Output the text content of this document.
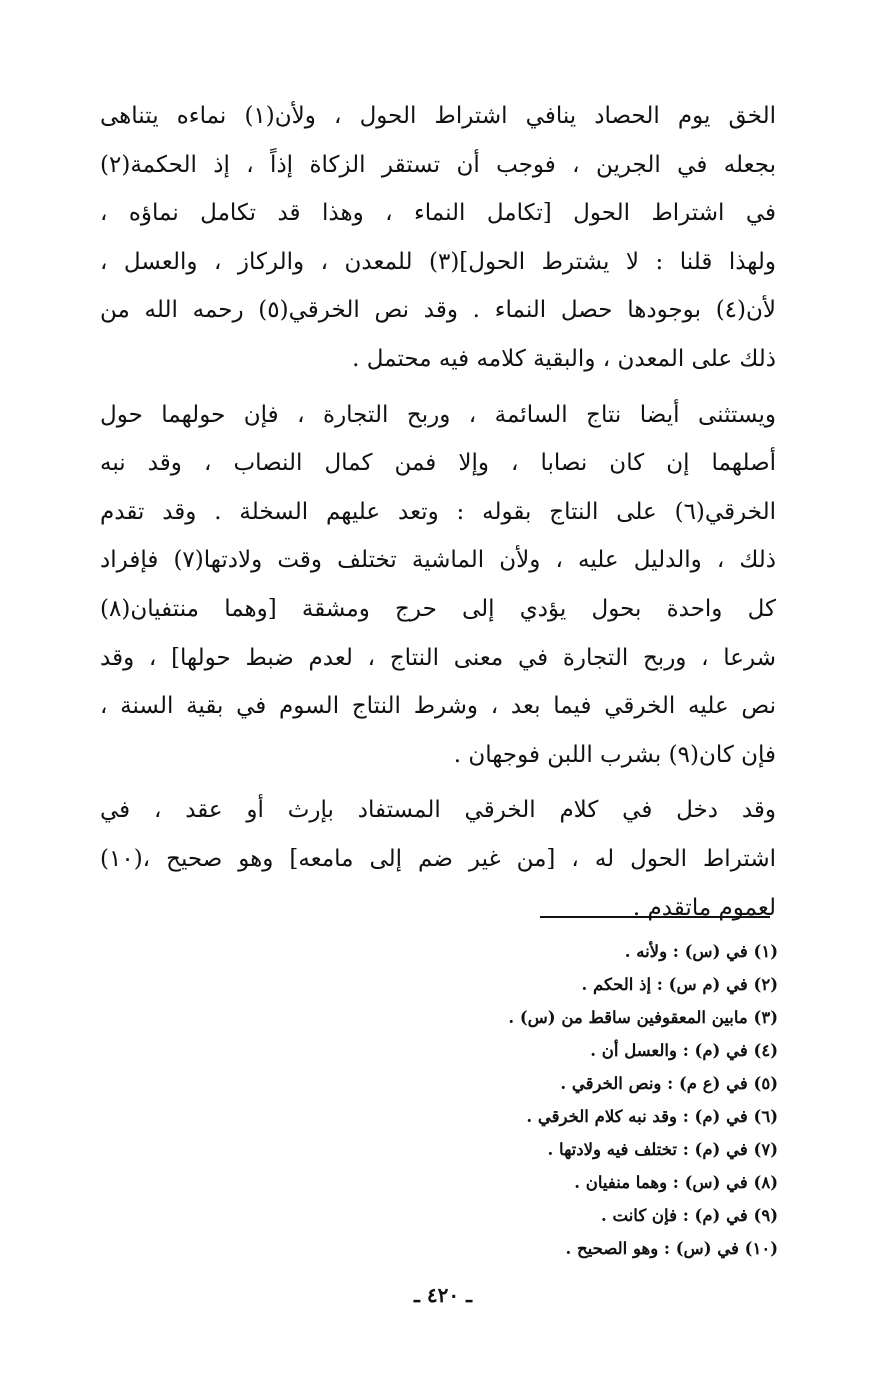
الخق يوم الحصاد ينافي اشتراط الحول ، ولأن(١) نماءه يتناهى
بجعله في الجرين ، فوجب أن تستقر الزكاة إذاً ، إذ الحكمة(٢)
في اشتراط الحول [تكامل النماء ، وهذا قد تكامل نماؤه ،
ولهذا قلنا : لا يشترط الحول](٣) للمعدن ، والركاز ، والعسل ،
لأن(٤) بوجودها حصل النماء . وقد نص الخرقي(٥) رحمه الله من
ذلك على المعدن ، والبقية كلامه فيه محتمل .

ويستثنى أيضا نتاج السائمة ، وربح التجارة ، فإن حولهما حول
أصلهما إن كان نصابا ، وإلا فمن كمال النصاب ، وقد نبه
الخرقي(٦) على النتاج بقوله : وتعد عليهم السخلة . وقد تقدم
ذلك ، والدليل عليه ، ولأن الماشية تختلف وقت ولادتها(٧) فإفراد
كل واحدة بحول يؤدي إلى حرج ومشقة [وهما منتفيان(٨)
شرعا ، وربح التجارة في معنى النتاج ، لعدم ضبط حولها] ، وقد
نص عليه الخرقي فيما بعد ، وشرط النتاج السوم في بقية السنة ،
فإن كان(٩) بشرب اللبن فوجهان .

وقد دخل في كلام الخرقي المستفاد بإرث أو عقد ، في
اشتراط الحول له ، [من غير ضم إلى مامعه] وهو صحيح ،(١٠)
لعموم ماتقدم .

(١) في (س) : ولأنه .
(٢) في (م س) : إذ الحكم .
(٣) مابين المعقوفين ساقط من (س) .
(٤) في (م) : والعسل أن .
(٥) في (ع م) : ونص الخرقي .
(٦) في (م) : وقد نبه كلام الخرقي .
(٧) في (م) : تختلف فيه ولادتها .
(٨) في (س) : وهما منفيان .
(٩) في (م) : فإن كانت .
(١٠) في (س) : وهو الصحيح .
ـ ٤٢٠ ـ
